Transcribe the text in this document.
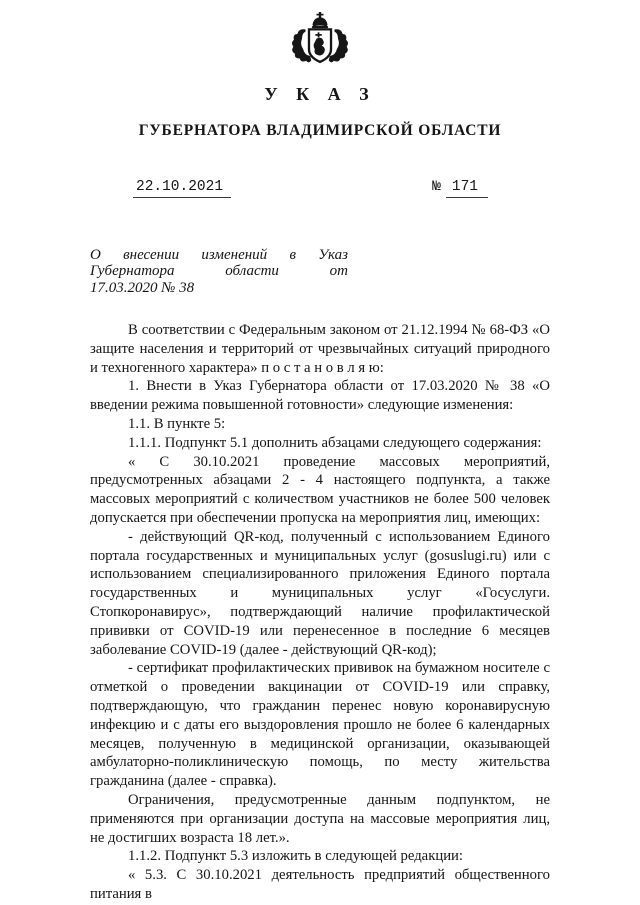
У К А З
ГУБЕРНАТОРА ВЛАДИМИРСКОЙ ОБЛАСТИ
22.10.2021	№ 171
О внесении изменений в Указ
Губернатора области от
17.03.2020 № 38

В соответствии с Федеральным законом от 21.12.1994 № 68-ФЗ «О защите населения и территорий от чрезвычайных ситуаций природного и техногенного характера» п о с т а н о в л я ю:

1. Внести в Указ Губернатора области от 17.03.2020 № 38 «О введении режима повышенной готовности» следующие изменения:

1.1. В пункте 5:

1.1.1. Подпункт 5.1 дополнить абзацами следующего содержания:

« С 30.10.2021 проведение массовых мероприятий, предусмотренных абзацами 2 - 4 настоящего подпункта, а также массовых мероприятий с количеством участников не более 500 человек допускается при обеспечении пропуска на мероприятия лиц, имеющих:

- действующий QR-код, полученный с использованием Единого портала государственных и муниципальных услуг (gosuslugi.ru) или с использованием специализированного приложения Единого портала государственных и муниципальных услуг «Госуслуги. Стопкоронавирус», подтверждающий наличие профилактической прививки от COVID-19 или перенесенное в последние 6 месяцев заболевание COVID-19 (далее - действующий QR-код);

- сертификат профилактических прививок на бумажном носителе с отметкой о проведении вакцинации от COVID-19 или справку, подтверждающую, что гражданин перенес новую коронавирусную инфекцию и с даты его выздоровления прошло не более 6 календарных месяцев, полученную в медицинской организации, оказывающей амбулаторно-поликлиническую помощь, по месту жительства гражданина (далее - справка).

Ограничения, предусмотренные данным подпунктом, не применяются при организации доступа на массовые мероприятия лиц, не достигших возраста 18 лет.».

1.1.2. Подпункт 5.3 изложить в следующей редакции:

« 5.3. С 30.10.2021 деятельность предприятий общественного питания в
